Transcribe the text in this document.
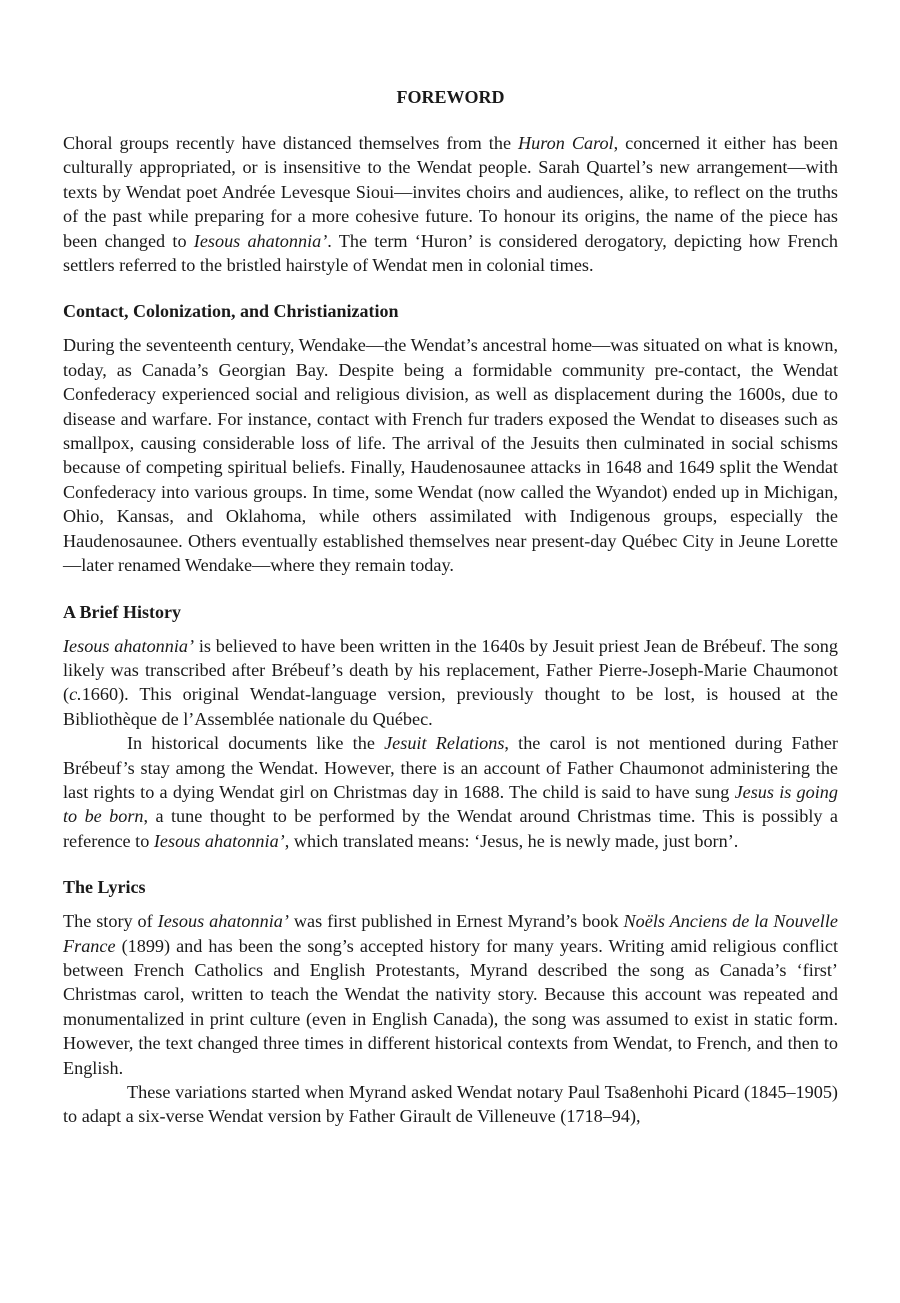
FOREWORD

Choral groups recently have distanced themselves from the Huron Carol, concerned it either has been culturally appropriated, or is insensitive to the Wendat people. Sarah Quartel’s new arrangement—with texts by Wendat poet Andrée Levesque Sioui—invites choirs and audiences, alike, to reflect on the truths of the past while preparing for a more cohesive future. To honour its origins, the name of the piece has been changed to Iesous ahatonnia’. The term ‘Huron’ is considered derogatory, depicting how French settlers referred to the bristled hairstyle of Wendat men in colonial times.

Contact, Colonization, and Christianization

During the seventeenth century, Wendake—the Wendat’s ancestral home—was situated on what is known, today, as Canada’s Georgian Bay. Despite being a formidable community pre-contact, the Wendat Confederacy experienced social and religious division, as well as displacement during the 1600s, due to disease and warfare. For instance, contact with French fur traders exposed the Wendat to diseases such as smallpox, causing considerable loss of life. The arrival of the Jesuits then culminated in social schisms because of competing spiritual beliefs. Finally, Haudenosaunee attacks in 1648 and 1649 split the Wendat Confederacy into various groups. In time, some Wendat (now called the Wyandot) ended up in Michigan, Ohio, Kansas, and Oklahoma, while others assimilated with Indigenous groups, especially the Haudenosaunee. Others eventually established themselves near present-day Québec City in Jeune Lorette—later renamed Wendake—where they remain today.

A Brief History

Iesous ahatonnia’ is believed to have been written in the 1640s by Jesuit priest Jean de Brébeuf. The song likely was transcribed after Brébeuf’s death by his replacement, Father Pierre-Joseph-Marie Chaumonot (c.1660). This original Wendat-language version, previously thought to be lost, is housed at the Bibliothèque de l’Assemblée nationale du Québec.

In historical documents like the Jesuit Relations, the carol is not mentioned during Father Brébeuf’s stay among the Wendat. However, there is an account of Father Chaumonot administering the last rights to a dying Wendat girl on Christmas day in 1688. The child is said to have sung Jesus is going to be born, a tune thought to be performed by the Wendat around Christmas time. This is possibly a reference to Iesous ahatonnia’, which translated means: ‘Jesus, he is newly made, just born’.

The Lyrics

The story of Iesous ahatonnia’ was first published in Ernest Myrand’s book Noëls Anciens de la Nouvelle France (1899) and has been the song’s accepted history for many years. Writing amid religious conflict between French Catholics and English Protestants, Myrand described the song as Canada’s ‘first’ Christmas carol, written to teach the Wendat the nativity story. Because this account was repeated and monumentalized in print culture (even in English Canada), the song was assumed to exist in static form. However, the text changed three times in different historical contexts from Wendat, to French, and then to English.

These variations started when Myrand asked Wendat notary Paul Tsa8enhohi Picard (1845–1905) to adapt a six-verse Wendat version by Father Girault de Villeneuve (1718–94),
